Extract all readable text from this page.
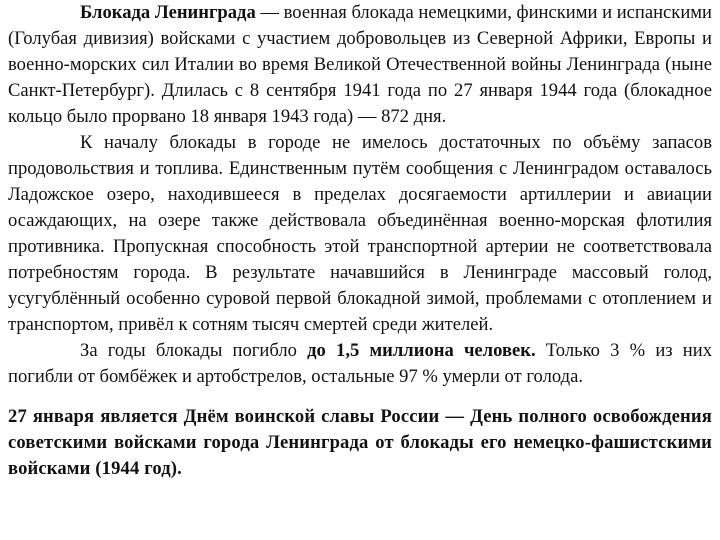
Блокада Ленинграда — военная блокада немецкими, финскими и испанскими (Голубая дивизия) войсками с участием добровольцев из Северной Африки, Европы и военно-морских сил Италии во время Великой Отечественной войны Ленинграда (ныне Санкт-Петербург). Длилась с 8 сентября 1941 года по 27 января 1944 года (блокадное кольцо было прорвано 18 января 1943 года) — 872 дня.

К началу блокады в городе не имелось достаточных по объёму запасов продовольствия и топлива. Единственным путём сообщения с Ленинградом оставалось Ладожское озеро, находившееся в пределах досягаемости артиллерии и авиации осаждающих, на озере также действовала объединённая военно-морская флотилия противника. Пропускная способность этой транспортной артерии не соответствовала потребностям города. В результате начавшийся в Ленинграде массовый голод, усугублённый особенно суровой первой блокадной зимой, проблемами с отоплением и транспортом, привёл к сотням тысяч смертей среди жителей.

За годы блокады погибло до 1,5 миллиона человек. Только 3 % из них погибли от бомбёжек и артобстрелов, остальные 97 % умерли от голода.

27 января является Днём воинской славы России — День полного освобождения советскими войсками города Ленинграда от блокады его немецко-фашистскими войсками (1944 год).
